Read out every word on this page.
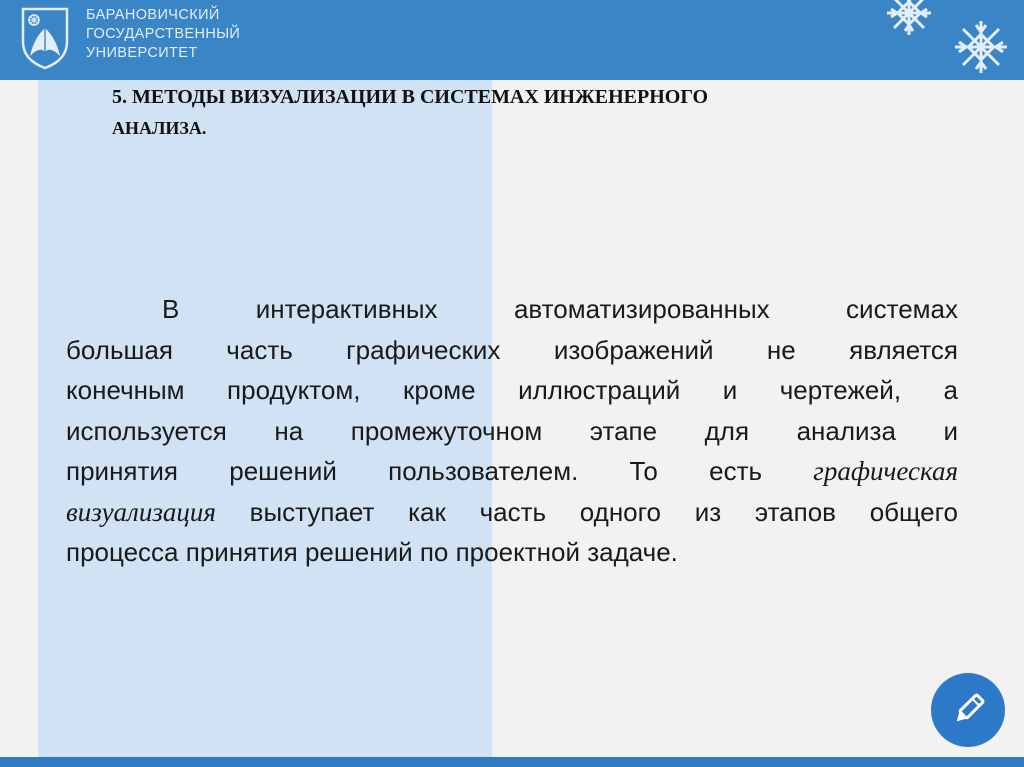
БАРАНОВИЧСКИЙ
ГОСУДАРСТВЕННЫЙ
УНИВЕРСИТЕТ
5. МЕТОДЫ ВИЗУАЛИЗАЦИИ В СИСТЕМАХ ИНЖЕНЕРНОГО
АНАЛИЗА.
В интерактивных автоматизированных системах
большая часть графических изображений не является
конечным продуктом, кроме иллюстраций и чертежей, а
используется на промежуточном этапе для анализа и
принятия решений пользователем. То есть графическая
визуализация выступает как часть одного из этапов общего
процесса принятия решений по проектной задаче.
